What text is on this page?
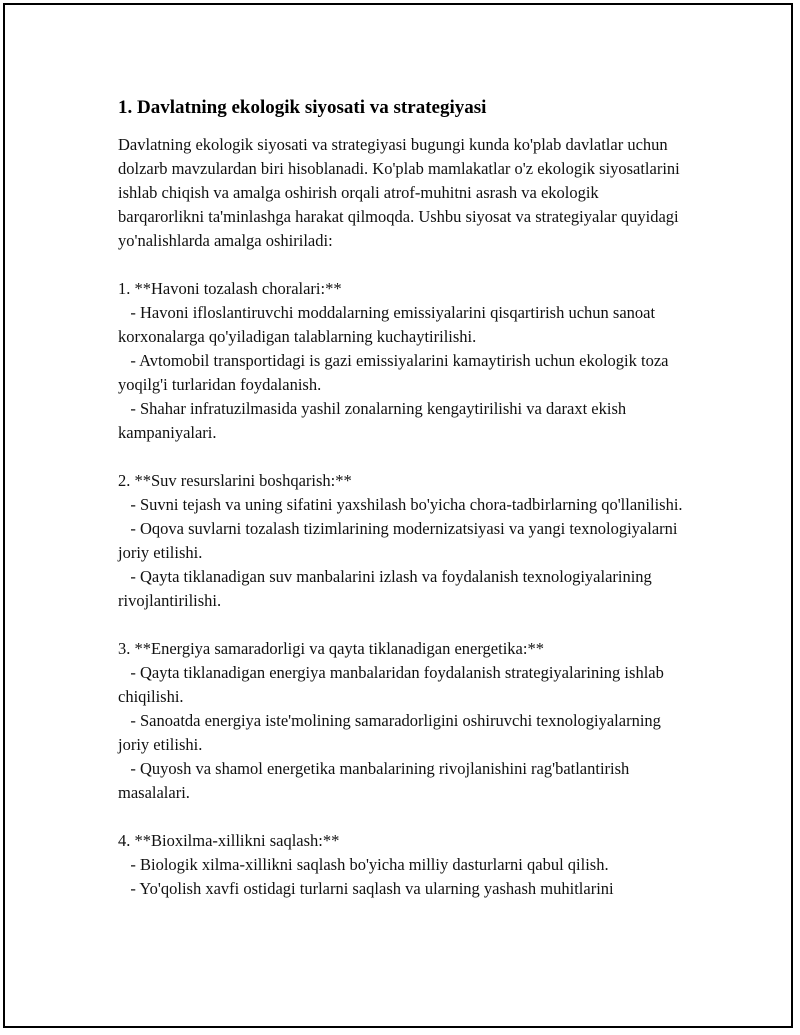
1. Davlatning ekologik siyosati va strategiyasi

Davlatning ekologik siyosati va strategiyasi bugungi kunda ko'plab davlatlar uchun dolzarb mavzulardan biri hisoblanadi. Ko'plab mamlakatlar o'z ekologik siyosatlarini ishlab chiqish va amalga oshirish orqali atrof-muhitni asrash va ekologik barqarorlikni ta'minlashga harakat qilmoqda. Ushbu siyosat va strategiyalar quyidagi yo'nalishlarda amalga oshiriladi:

1. **Havoni tozalash choralari:**

- Havoni ifloslantiruvchi moddalarning emissiyalarini qisqartirish uchun sanoat korxonalarga qo'yiladigan talablarning kuchaytirilishi.

- Avtomobil transportidagi is gazi emissiyalarini kamaytirish uchun ekologik toza yoqilg'i turlaridan foydalanish.

- Shahar infratuzilmasida yashil zonalarning kengaytirilishi va daraxt ekish kampaniyalari.

2. **Suv resurslarini boshqarish:**

- Suvni tejash va uning sifatini yaxshilash bo'yicha chora-tadbirlarning qo'llanilishi.

- Oqova suvlarni tozalash tizimlarining modernizatsiyasi va yangi texnologiyalarni joriy etilishi.

- Qayta tiklanadigan suv manbalarini izlash va foydalanish texnologiyalarining rivojlantirilishi.

3. **Energiya samaradorligi va qayta tiklanadigan energetika:**

- Qayta tiklanadigan energiya manbalaridan foydalanish strategiyalarining ishlab chiqilishi.

- Sanoatda energiya iste'molining samaradorligini oshiruvchi texnologiyalarning joriy etilishi.

- Quyosh va shamol energetika manbalarining rivojlanishini rag'batlantirish masalalari.

4. **Bioxilma-xillikni saqlash:**

- Biologik xilma-xillikni saqlash bo'yicha milliy dasturlarni qabul qilish.

- Yo'qolish xavfi ostidagi turlarni saqlash va ularning yashash muhitlarini
